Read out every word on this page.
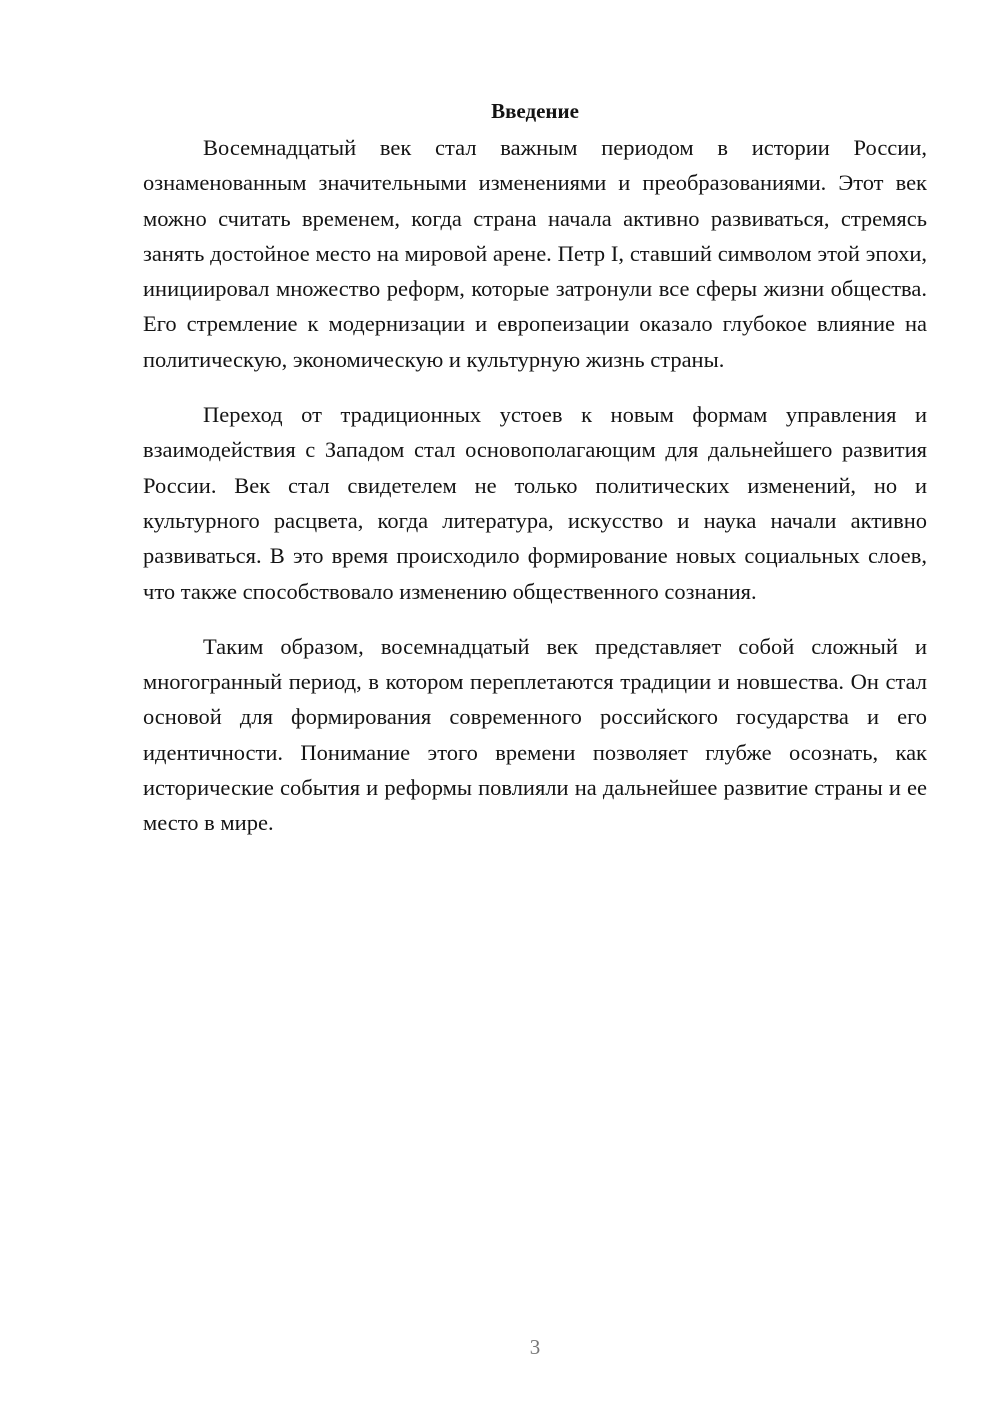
Введение

Восемнадцатый век стал важным периодом в истории России, ознаменованным значительными изменениями и преобразованиями. Этот век можно считать временем, когда страна начала активно развиваться, стремясь занять достойное место на мировой арене. Петр I, ставший символом этой эпохи, инициировал множество реформ, которые затронули все сферы жизни общества. Его стремление к модернизации и европеизации оказало глубокое влияние на политическую, экономическую и культурную жизнь страны.

Переход от традиционных устоев к новым формам управления и взаимодействия с Западом стал основополагающим для дальнейшего развития России. Век стал свидетелем не только политических изменений, но и культурного расцвета, когда литература, искусство и наука начали активно развиваться. В это время происходило формирование новых социальных слоев, что также способствовало изменению общественного сознания.

Таким образом, восемнадцатый век представляет собой сложный и многогранный период, в котором переплетаются традиции и новшества. Он стал основой для формирования современного российского государства и его идентичности. Понимание этого времени позволяет глубже осознать, как исторические события и реформы повлияли на дальнейшее развитие страны и ее место в мире.

3
